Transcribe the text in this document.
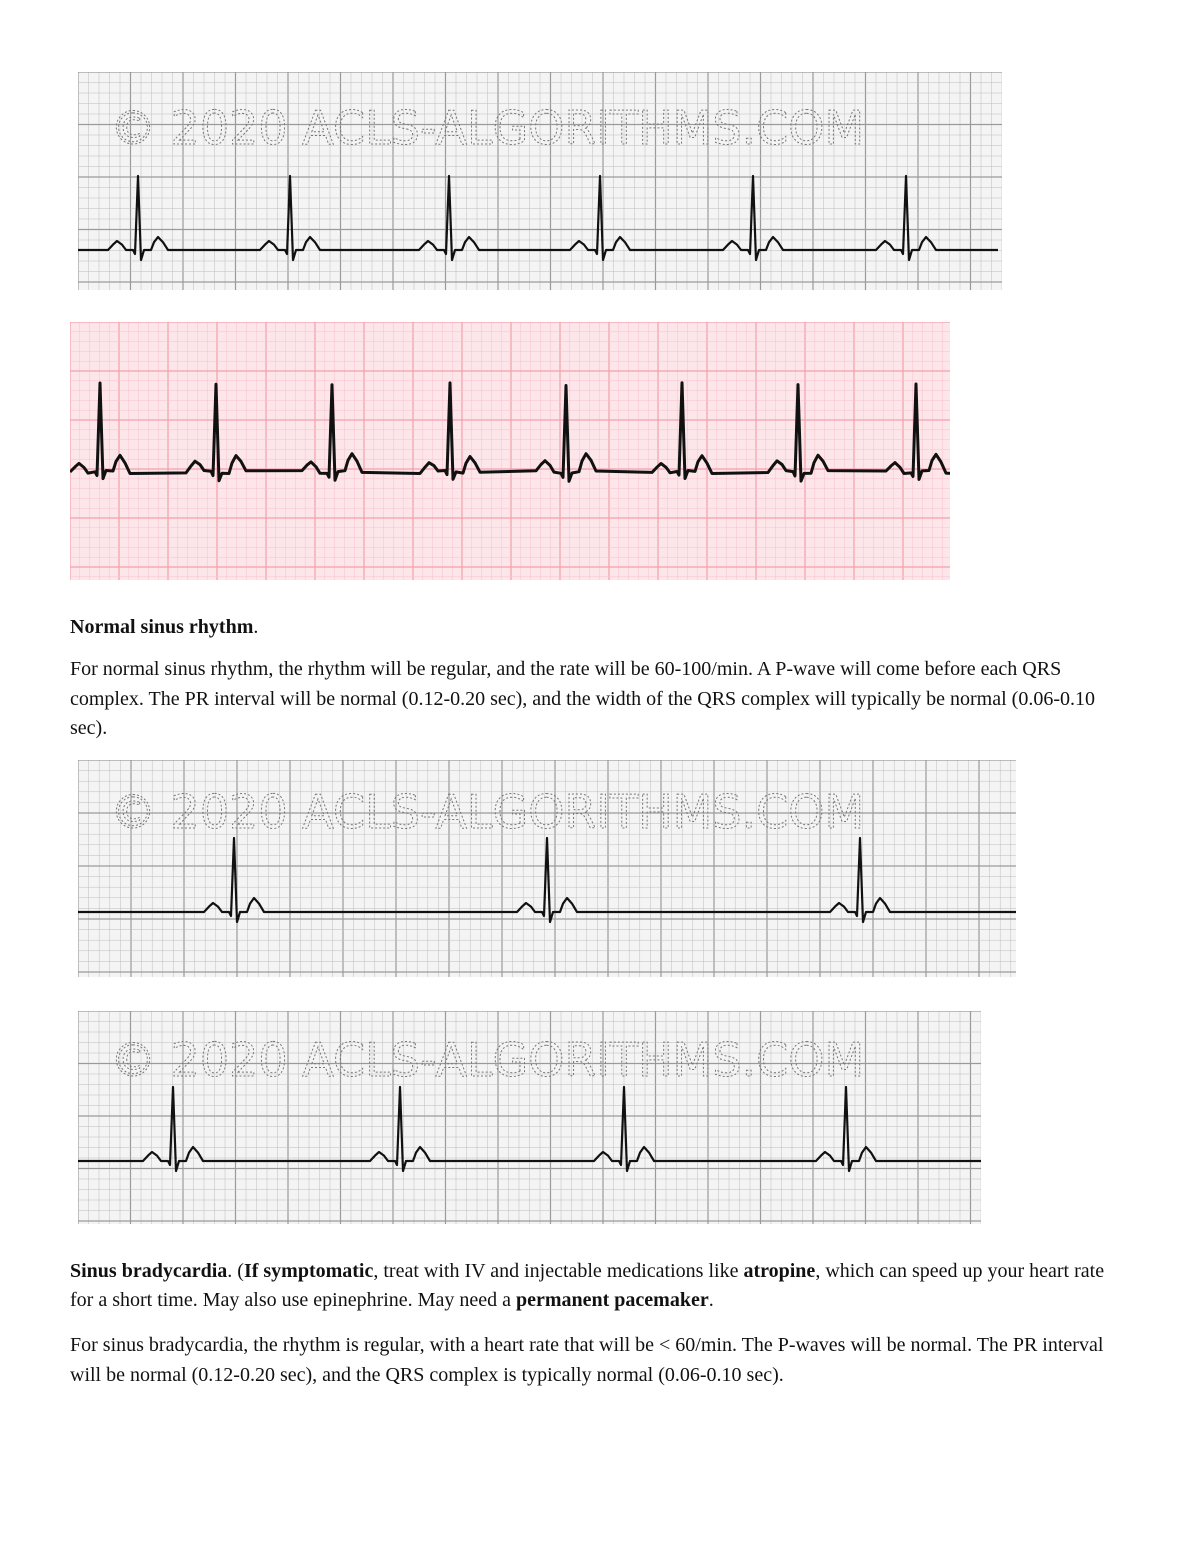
© 2020 ACLS-ALGORITHMS.COM

Normal sinus rhythm.

For normal sinus rhythm, the rhythm will be regular, and the rate will be 60-100/min. A P-wave will come before each QRS complex. The PR interval will be normal (0.12-0.20 sec), and the width of the QRS complex will typically be normal (0.06-0.10 sec).

© 2020 ACLS-ALGORITHMS.COM
© 2020 ACLS-ALGORITHMS.COM

Sinus bradycardia. (If symptomatic, treat with IV and injectable medications like atropine, which can speed up your heart rate for a short time. May also use epinephrine. May need a permanent pacemaker.

For sinus bradycardia, the rhythm is regular, with a heart rate that will be < 60/min. The P-waves will be normal. The PR interval will be normal (0.12-0.20 sec), and the QRS complex is typically normal (0.06-0.10 sec).
